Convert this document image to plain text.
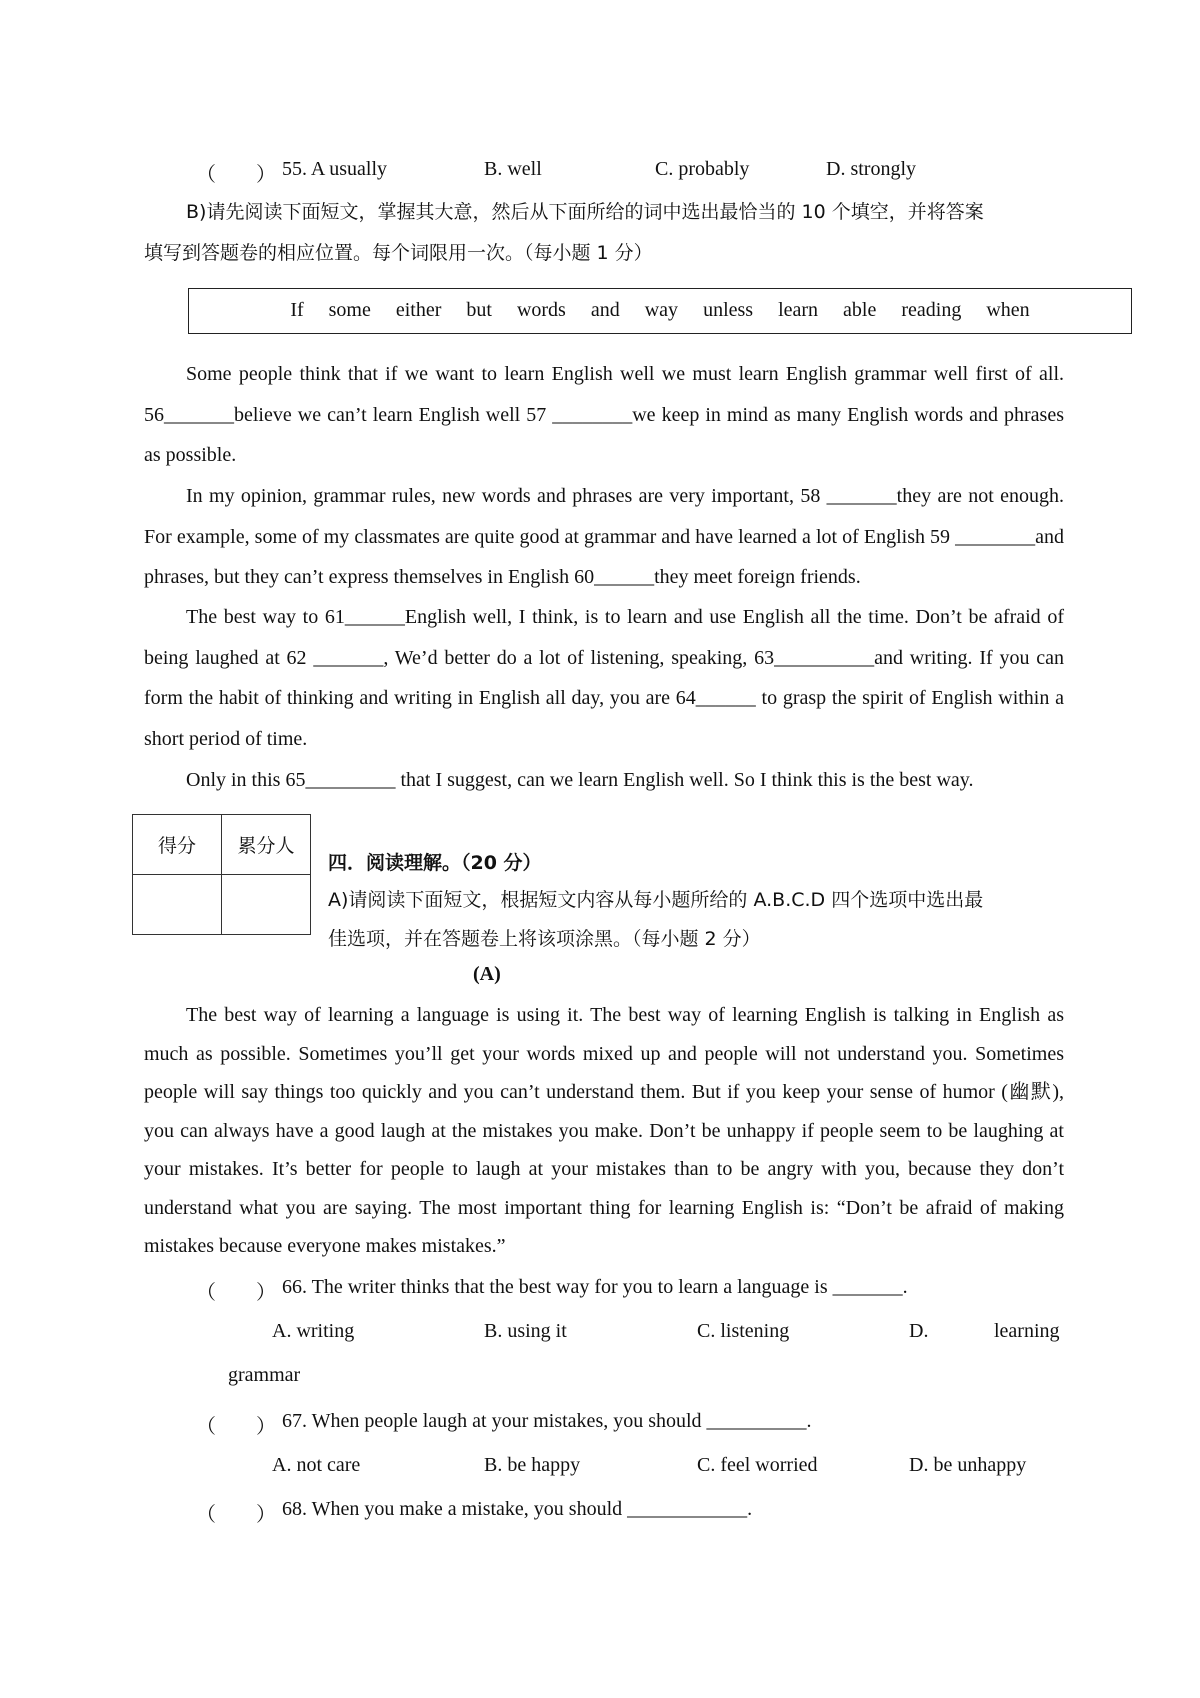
（　　） 55. A usually	B. well	C. probably	D. strongly
B)请先阅读下面短文，掌握其大意，然后从下面所给的词中选出最恰当的 10 个填空，并将答案
填写到答题卷的相应位置。每个词限用一次。（每小题 1 分）
If some either but words and way unless learn able reading when
Some people think that if we want to learn English well we must learn English grammar well first of all. 56_______believe we can’t learn English well 57 ________we keep in mind as many English words and phrases as possible.
In my opinion, grammar rules, new words and phrases are very important, 58 _______they are not enough. For example, some of my classmates are quite good at grammar and have learned a lot of English 59 ________and phrases, but they can’t express themselves in English 60______they meet foreign friends.
The best way to 61______English well, I think, is to learn and use English all the time. Don’t be afraid of being laughed at 62 _______, We’d better do a lot of listening, speaking, 63__________and writing. If you can form the habit of thinking and writing in English all day, you are 64______ to grasp the spirit of English within a short period of time.
Only in this 65_________ that I suggest, can we learn English well. So I think this is the best way.
得分	累分人

四．阅读理解。（20 分）
A)请阅读下面短文，根据短文内容从每小题所给的 A.B.C.D 四个选项中选出最
佳选项，并在答题卷上将该项涂黑。（每小题 2 分）
(A)
The best way of learning a language is using it. The best way of learning English is talking in English as much as possible. Sometimes you’ll get your words mixed up and people will not understand you. Sometimes people will say things too quickly and you can’t understand them. But if you keep your sense of humor (幽默), you can always have a good laugh at the mistakes you make. Don’t be unhappy if people seem to be laughing at your mistakes. It’s better for people to laugh at your mistakes than to be angry with you, because they don’t understand what you are saying. The most important thing for learning English is: “Don’t be afraid of making mistakes because everyone makes mistakes.”
（　　） 66. The writer thinks that the best way for you to learn a language is _______.
A. writing	B. using it	C. listening	D.	learning
grammar
（　　） 67. When people laugh at your mistakes, you should __________.
A. not care	B. be happy	C. feel worried	D. be unhappy
（　　） 68. When you make a mistake, you should ____________.
